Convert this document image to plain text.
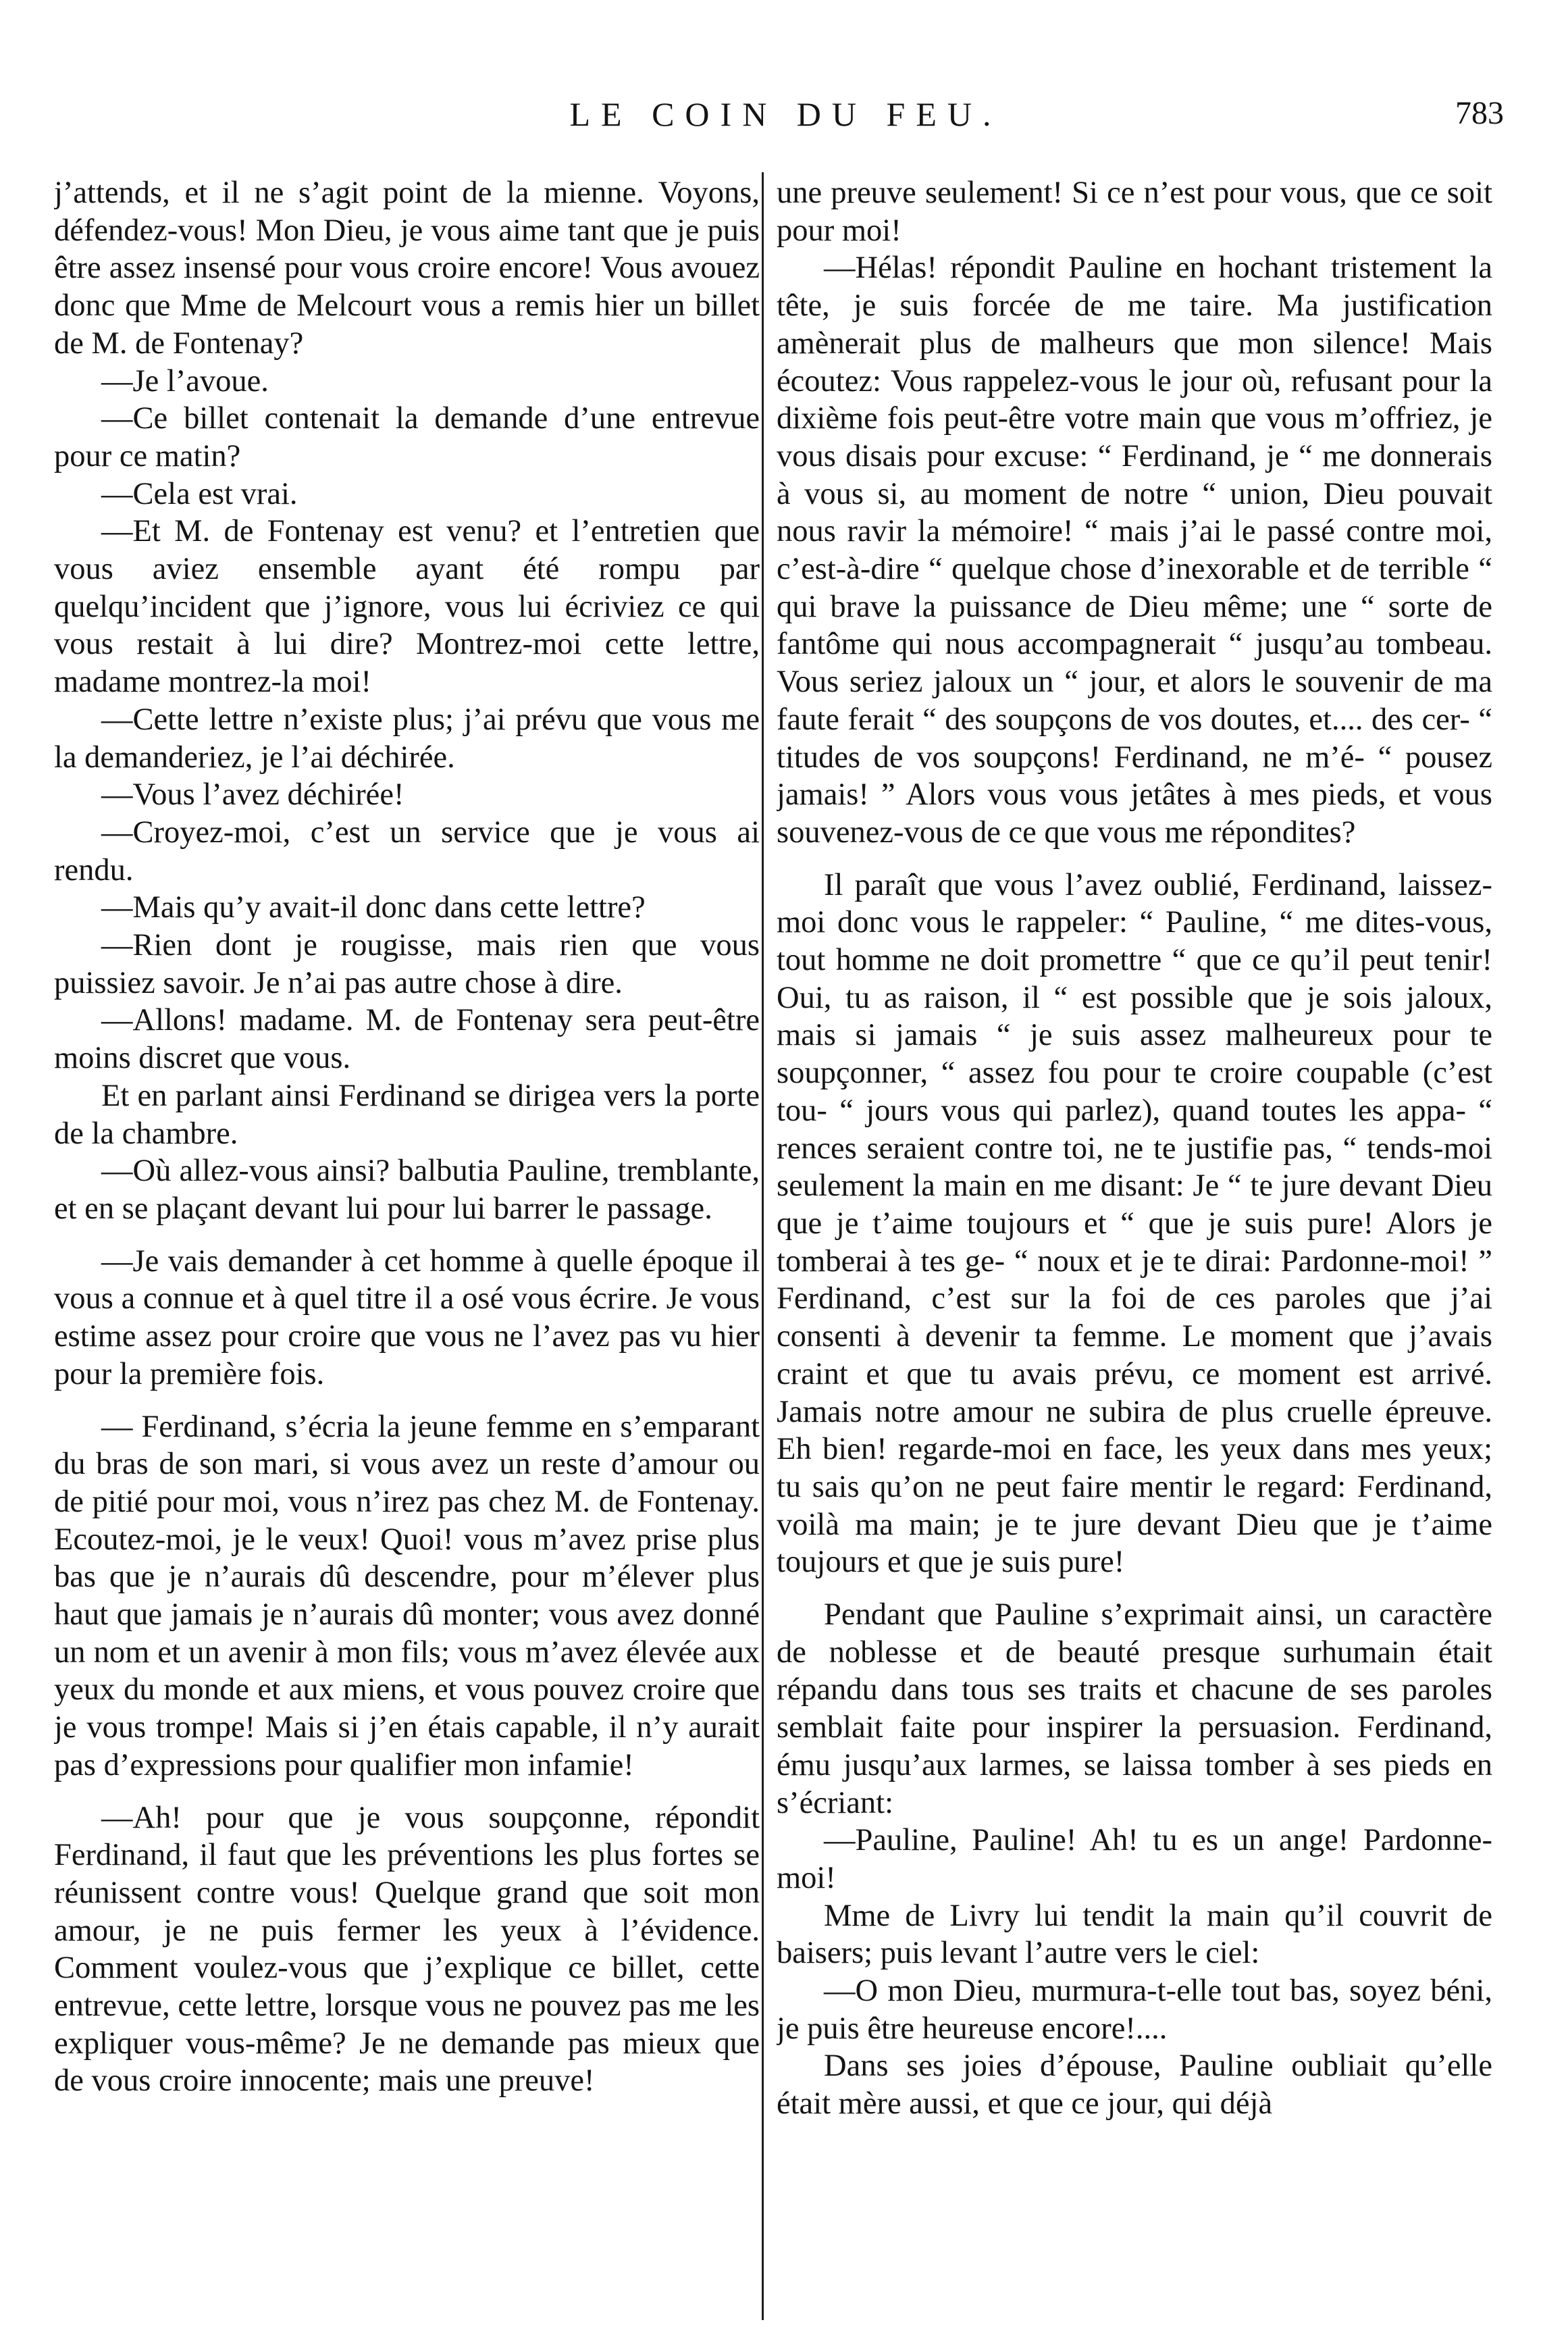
LE COIN DU FEU.	783

j’attends, et il ne s’agit point de la mienne. Voyons, défendez-vous! Mon Dieu, je vous aime tant que je puis être assez insensé pour vous croire encore! Vous avouez donc que Mme de Melcourt vous a remis hier un billet de M. de Fontenay?

—Je l’avoue.

—Ce billet contenait la demande d’une entrevue pour ce matin?

—Cela est vrai.

—Et M. de Fontenay est venu? et l’entretien que vous aviez ensemble ayant été rompu par quelqu’incident que j’ignore, vous lui écriviez ce qui vous restait à lui dire? Montrez-moi cette lettre, madame montrez-la moi!

—Cette lettre n’existe plus; j’ai prévu que vous me la demanderiez, je l’ai déchirée.

—Vous l’avez déchirée!

—Croyez-moi, c’est un service que je vous ai rendu.

—Mais qu’y avait-il donc dans cette lettre?

—Rien dont je rougisse, mais rien que vous puissiez savoir. Je n’ai pas autre chose à dire.

—Allons! madame. M. de Fontenay sera peut-être moins discret que vous.

Et en parlant ainsi Ferdinand se dirigea vers la porte de la chambre.

—Où allez-vous ainsi? balbutia Pauline, tremblante, et en se plaçant devant lui pour lui barrer le passage.

—Je vais demander à cet homme à quelle époque il vous a connue et à quel titre il a osé vous écrire. Je vous estime assez pour croire que vous ne l’avez pas vu hier pour la première fois.

— Ferdinand, s’écria la jeune femme en s’emparant du bras de son mari, si vous avez un reste d’amour ou de pitié pour moi, vous n’irez pas chez M. de Fontenay. Ecoutez-moi, je le veux! Quoi! vous m’avez prise plus bas que je n’aurais dû descendre, pour m’élever plus haut que jamais je n’aurais dû monter; vous avez donné un nom et un avenir à mon fils; vous m’avez élevée aux yeux du monde et aux miens, et vous pouvez croire que je vous trompe! Mais si j’en étais capable, il n’y aurait pas d’expressions pour qualifier mon infamie!

—Ah! pour que je vous soupçonne, répondit Ferdinand, il faut que les préventions les plus fortes se réunissent contre vous! Quelque grand que soit mon amour, je ne puis fermer les yeux à l’évidence. Comment voulez-vous que j’explique ce billet, cette entrevue, cette lettre, lorsque vous ne pouvez pas me les expliquer vous-même? Je ne demande pas mieux que de vous croire innocente; mais une preuve!

une preuve seulement! Si ce n’est pour vous, que ce soit pour moi!

—Hélas! répondit Pauline en hochant tristement la tête, je suis forcée de me taire. Ma justification amènerait plus de malheurs que mon silence! Mais écoutez: Vous rappelez-vous le jour où, refusant pour la dixième fois peut-être votre main que vous m’offriez, je vous disais pour excuse: “ Ferdinand, je “ me donnerais à vous si, au moment de notre “ union, Dieu pouvait nous ravir la mémoire! “ mais j’ai le passé contre moi, c’est-à-dire “ quelque chose d’inexorable et de terrible “ qui brave la puissance de Dieu même; une “ sorte de fantôme qui nous accompagnerait “ jusqu’au tombeau. Vous seriez jaloux un “ jour, et alors le souvenir de ma faute ferait “ des soupçons de vos doutes, et.... des cer- “ titudes de vos soupçons! Ferdinand, ne m’é- “ pousez jamais! ” Alors vous vous jetâtes à mes pieds, et vous souvenez-vous de ce que vous me répondites?

Il paraît que vous l’avez oublié, Ferdinand, laissez-moi donc vous le rappeler: “ Pauline, “ me dites-vous, tout homme ne doit promettre “ que ce qu’il peut tenir! Oui, tu as raison, il “ est possible que je sois jaloux, mais si jamais “ je suis assez malheureux pour te soupçonner, “ assez fou pour te croire coupable (c’est tou- “ jours vous qui parlez), quand toutes les appa- “ rences seraient contre toi, ne te justifie pas, “ tends-moi seulement la main en me disant: Je “ te jure devant Dieu que je t’aime toujours et “ que je suis pure! Alors je tomberai à tes ge- “ noux et je te dirai: Pardonne-moi! ” Ferdinand, c’est sur la foi de ces paroles que j’ai consenti à devenir ta femme. Le moment que j’avais craint et que tu avais prévu, ce moment est arrivé. Jamais notre amour ne subira de plus cruelle épreuve. Eh bien! regarde-moi en face, les yeux dans mes yeux; tu sais qu’on ne peut faire mentir le regard: Ferdinand, voilà ma main; je te jure devant Dieu que je t’aime toujours et que je suis pure!

Pendant que Pauline s’exprimait ainsi, un caractère de noblesse et de beauté presque surhumain était répandu dans tous ses traits et chacune de ses paroles semblait faite pour inspirer la persuasion. Ferdinand, ému jusqu’aux larmes, se laissa tomber à ses pieds en s’écriant:

—Pauline, Pauline! Ah! tu es un ange! Pardonne-moi!

Mme de Livry lui tendit la main qu’il couvrit de baisers; puis levant l’autre vers le ciel:

—O mon Dieu, murmura-t-elle tout bas, soyez béni, je puis être heureuse encore!....

Dans ses joies d’épouse, Pauline oubliait qu’elle était mère aussi, et que ce jour, qui déjà
